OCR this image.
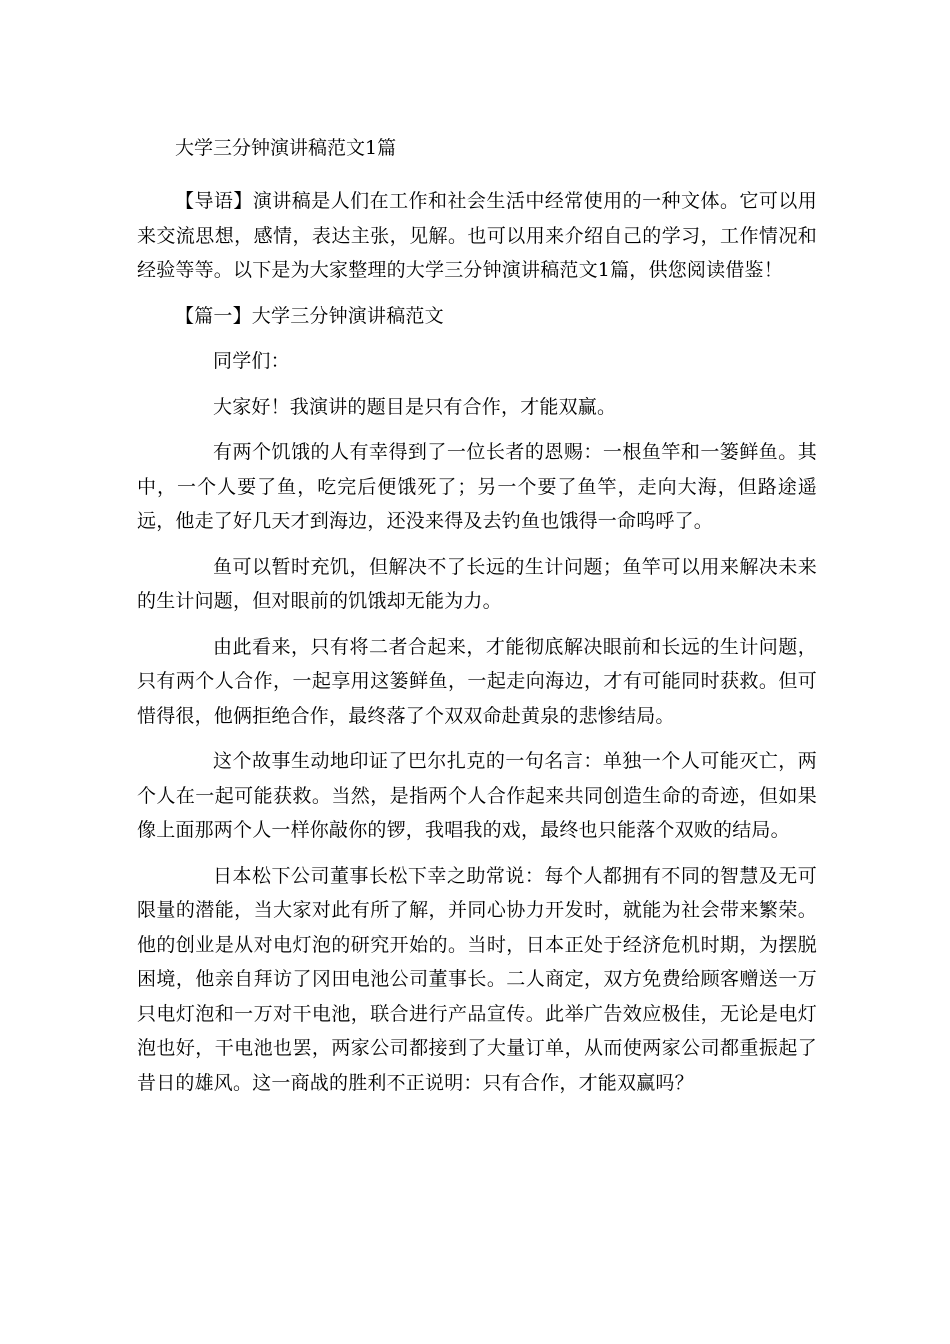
大学三分钟演讲稿范文1篇

【导语】演讲稿是人们在工作和社会生活中经常使用的一种文体。它可以用来交流思想，感情，表达主张，见解。也可以用来介绍自己的学习，工作情况和经验等等。以下是为大家整理的大学三分钟演讲稿范文1篇，供您阅读借鉴！

【篇一】大学三分钟演讲稿范文

同学们：

大家好！我演讲的题目是只有合作，才能双赢。

有两个饥饿的人有幸得到了一位长者的恩赐：一根鱼竿和一篓鲜鱼。其中，一个人要了鱼，吃完后便饿死了；另一个要了鱼竿，走向大海，但路途遥远，他走了好几天才到海边，还没来得及去钓鱼也饿得一命呜呼了。

鱼可以暂时充饥，但解决不了长远的生计问题；鱼竿可以用来解决未来的生计问题，但对眼前的饥饿却无能为力。

由此看来，只有将二者合起来，才能彻底解决眼前和长远的生计问题，只有两个人合作，一起享用这篓鲜鱼，一起走向海边，才有可能同时获救。但可惜得很，他俩拒绝合作，最终落了个双双命赴黄泉的悲惨结局。

这个故事生动地印证了巴尔扎克的一句名言：单独一个人可能灭亡，两个人在一起可能获救。当然，是指两个人合作起来共同创造生命的奇迹，但如果像上面那两个人一样你敲你的锣，我唱我的戏，最终也只能落个双败的结局。

日本松下公司董事长松下幸之助常说：每个人都拥有不同的智慧及无可限量的潜能，当大家对此有所了解，并同心协力开发时，就能为社会带来繁荣。他的创业是从对电灯泡的研究开始的。当时，日本正处于经济危机时期，为摆脱困境，他亲自拜访了冈田电池公司董事长。二人商定，双方免费给顾客赠送一万只电灯泡和一万对干电池，联合进行产品宣传。此举广告效应极佳，无论是电灯泡也好，干电池也罢，两家公司都接到了大量订单，从而使两家公司都重振起了昔日的雄风。这一商战的胜利不正说明：只有合作，才能双赢吗？
